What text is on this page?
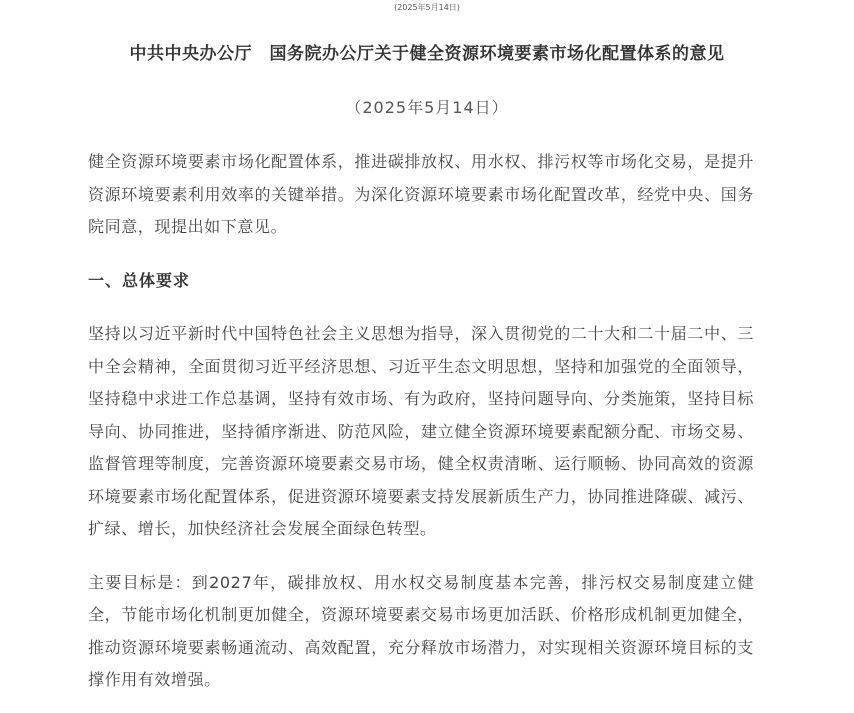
(2025年5月14日)
中共中央办公厅　国务院办公厅关于健全资源环境要素市场化配置体系的意见
（2025年5月14日）

健全资源环境要素市场化配置体系，推进碳排放权、用水权、排污权等市场化交易，是提升资源环境要素利用效率的关键举措。为深化资源环境要素市场化配置改革，经党中央、国务院同意，现提出如下意见。

一、总体要求

坚持以习近平新时代中国特色社会主义思想为指导，深入贯彻党的二十大和二十届二中、三中全会精神，全面贯彻习近平经济思想、习近平生态文明思想，坚持和加强党的全面领导，坚持稳中求进工作总基调，坚持有效市场、有为政府，坚持问题导向、分类施策，坚持目标导向、协同推进，坚持循序渐进、防范风险，建立健全资源环境要素配额分配、市场交易、监督管理等制度，完善资源环境要素交易市场，健全权责清晰、运行顺畅、协同高效的资源环境要素市场化配置体系，促进资源环境要素支持发展新质生产力，协同推进降碳、减污、扩绿、增长，加快经济社会发展全面绿色转型。

主要目标是：到2027年，碳排放权、用水权交易制度基本完善，排污权交易制度建立健全，节能市场化机制更加健全，资源环境要素交易市场更加活跃、价格形成机制更加健全，推动资源环境要素畅通流动、高效配置，充分释放市场潜力，对实现相关资源环境目标的支撑作用有效增强。
